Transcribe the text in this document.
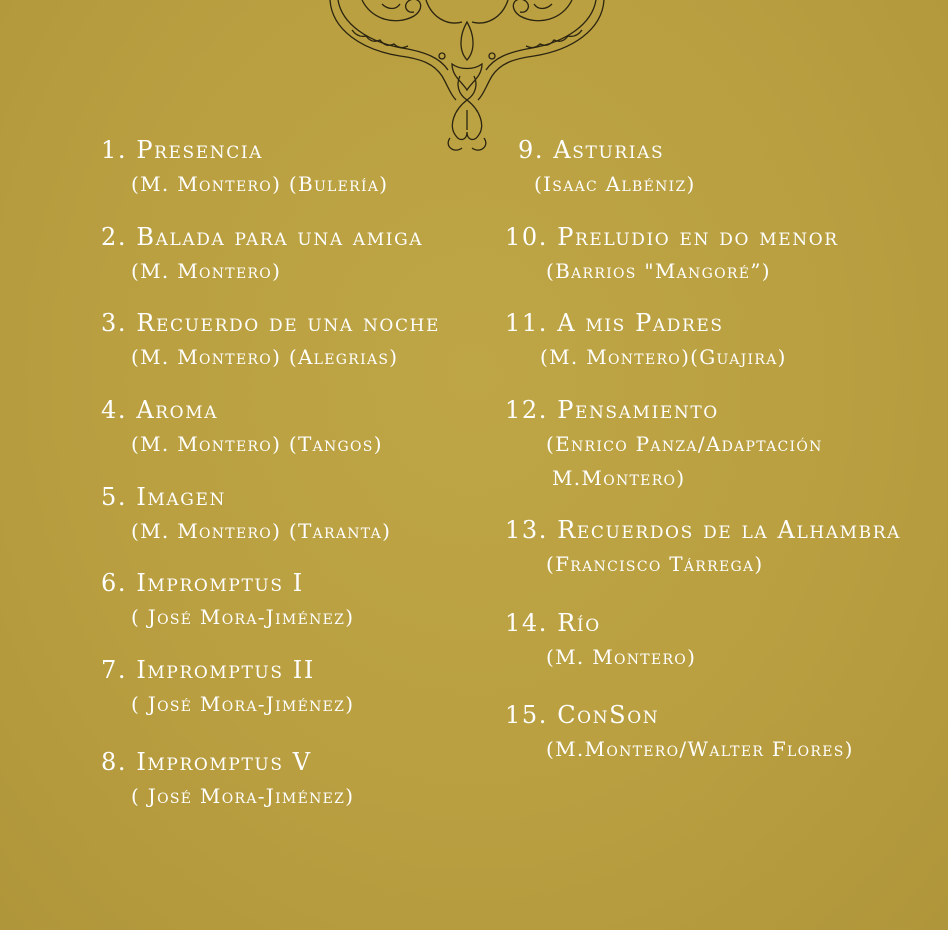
1. Presencia
(M. Montero) (Bulería)
2. Balada para una amiga
(M. Montero)
3. Recuerdo de una noche
(M. Montero) (Alegrias)
4. Aroma
(M. Montero) (Tangos)
5. Imagen
(M. Montero) (Taranta)
6. Impromptus I
( José Mora-Jiménez)
7. Impromptus II
( José Mora-Jiménez)
8. Impromptus V
( José Mora-Jiménez)
9. Asturias
(Isaac Albéniz)
10. Preludio en do menor
(Barrios "Mangoré”)
11. A mis Padres
(M. Montero)(Guajira)
12. Pensamiento
(Enrico Panza/Adaptación
M.Montero)
13. Recuerdos de la Alhambra
(Francisco Tárrega)
14. Río
(M. Montero)
15. ConSon
(M.Montero/Walter Flores)
